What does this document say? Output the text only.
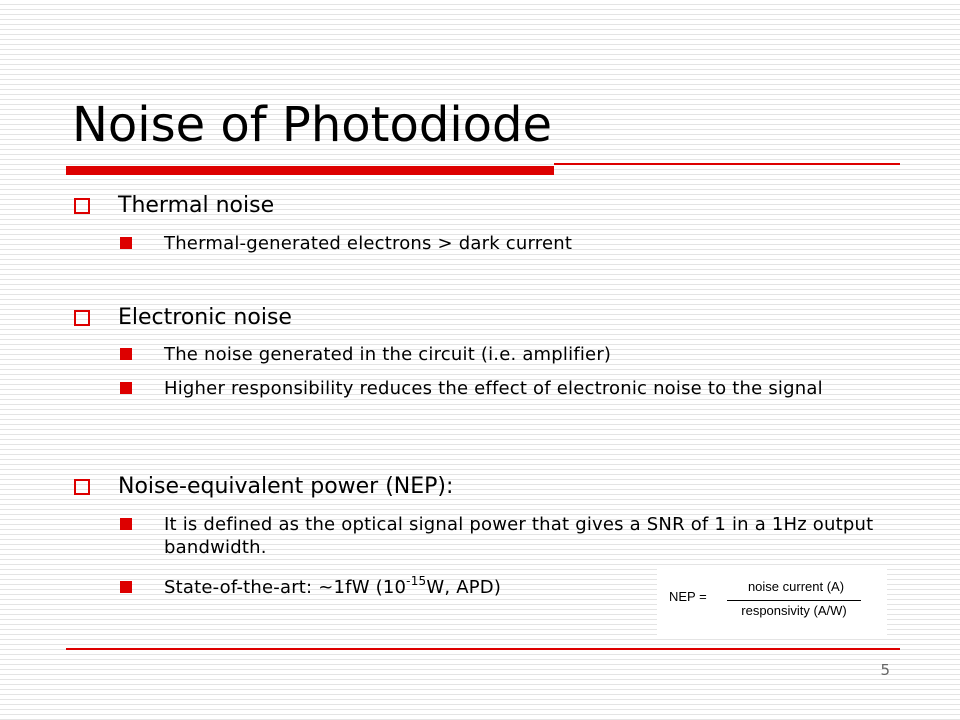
Noise of Photodiode
Thermal noise
Thermal-generated electrons > dark current
Electronic noise
The noise generated in the circuit (i.e. amplifier)
Higher responsibility reduces the effect of electronic noise to the signal
Noise-equivalent power (NEP):
It is defined as the optical signal power that gives a SNR of 1 in a 1Hz output bandwidth.
State-of-the-art: ~1fW ($10^{-15}W$, APD)	NEP =
noise current (A)
responsivity (A/W)
5
